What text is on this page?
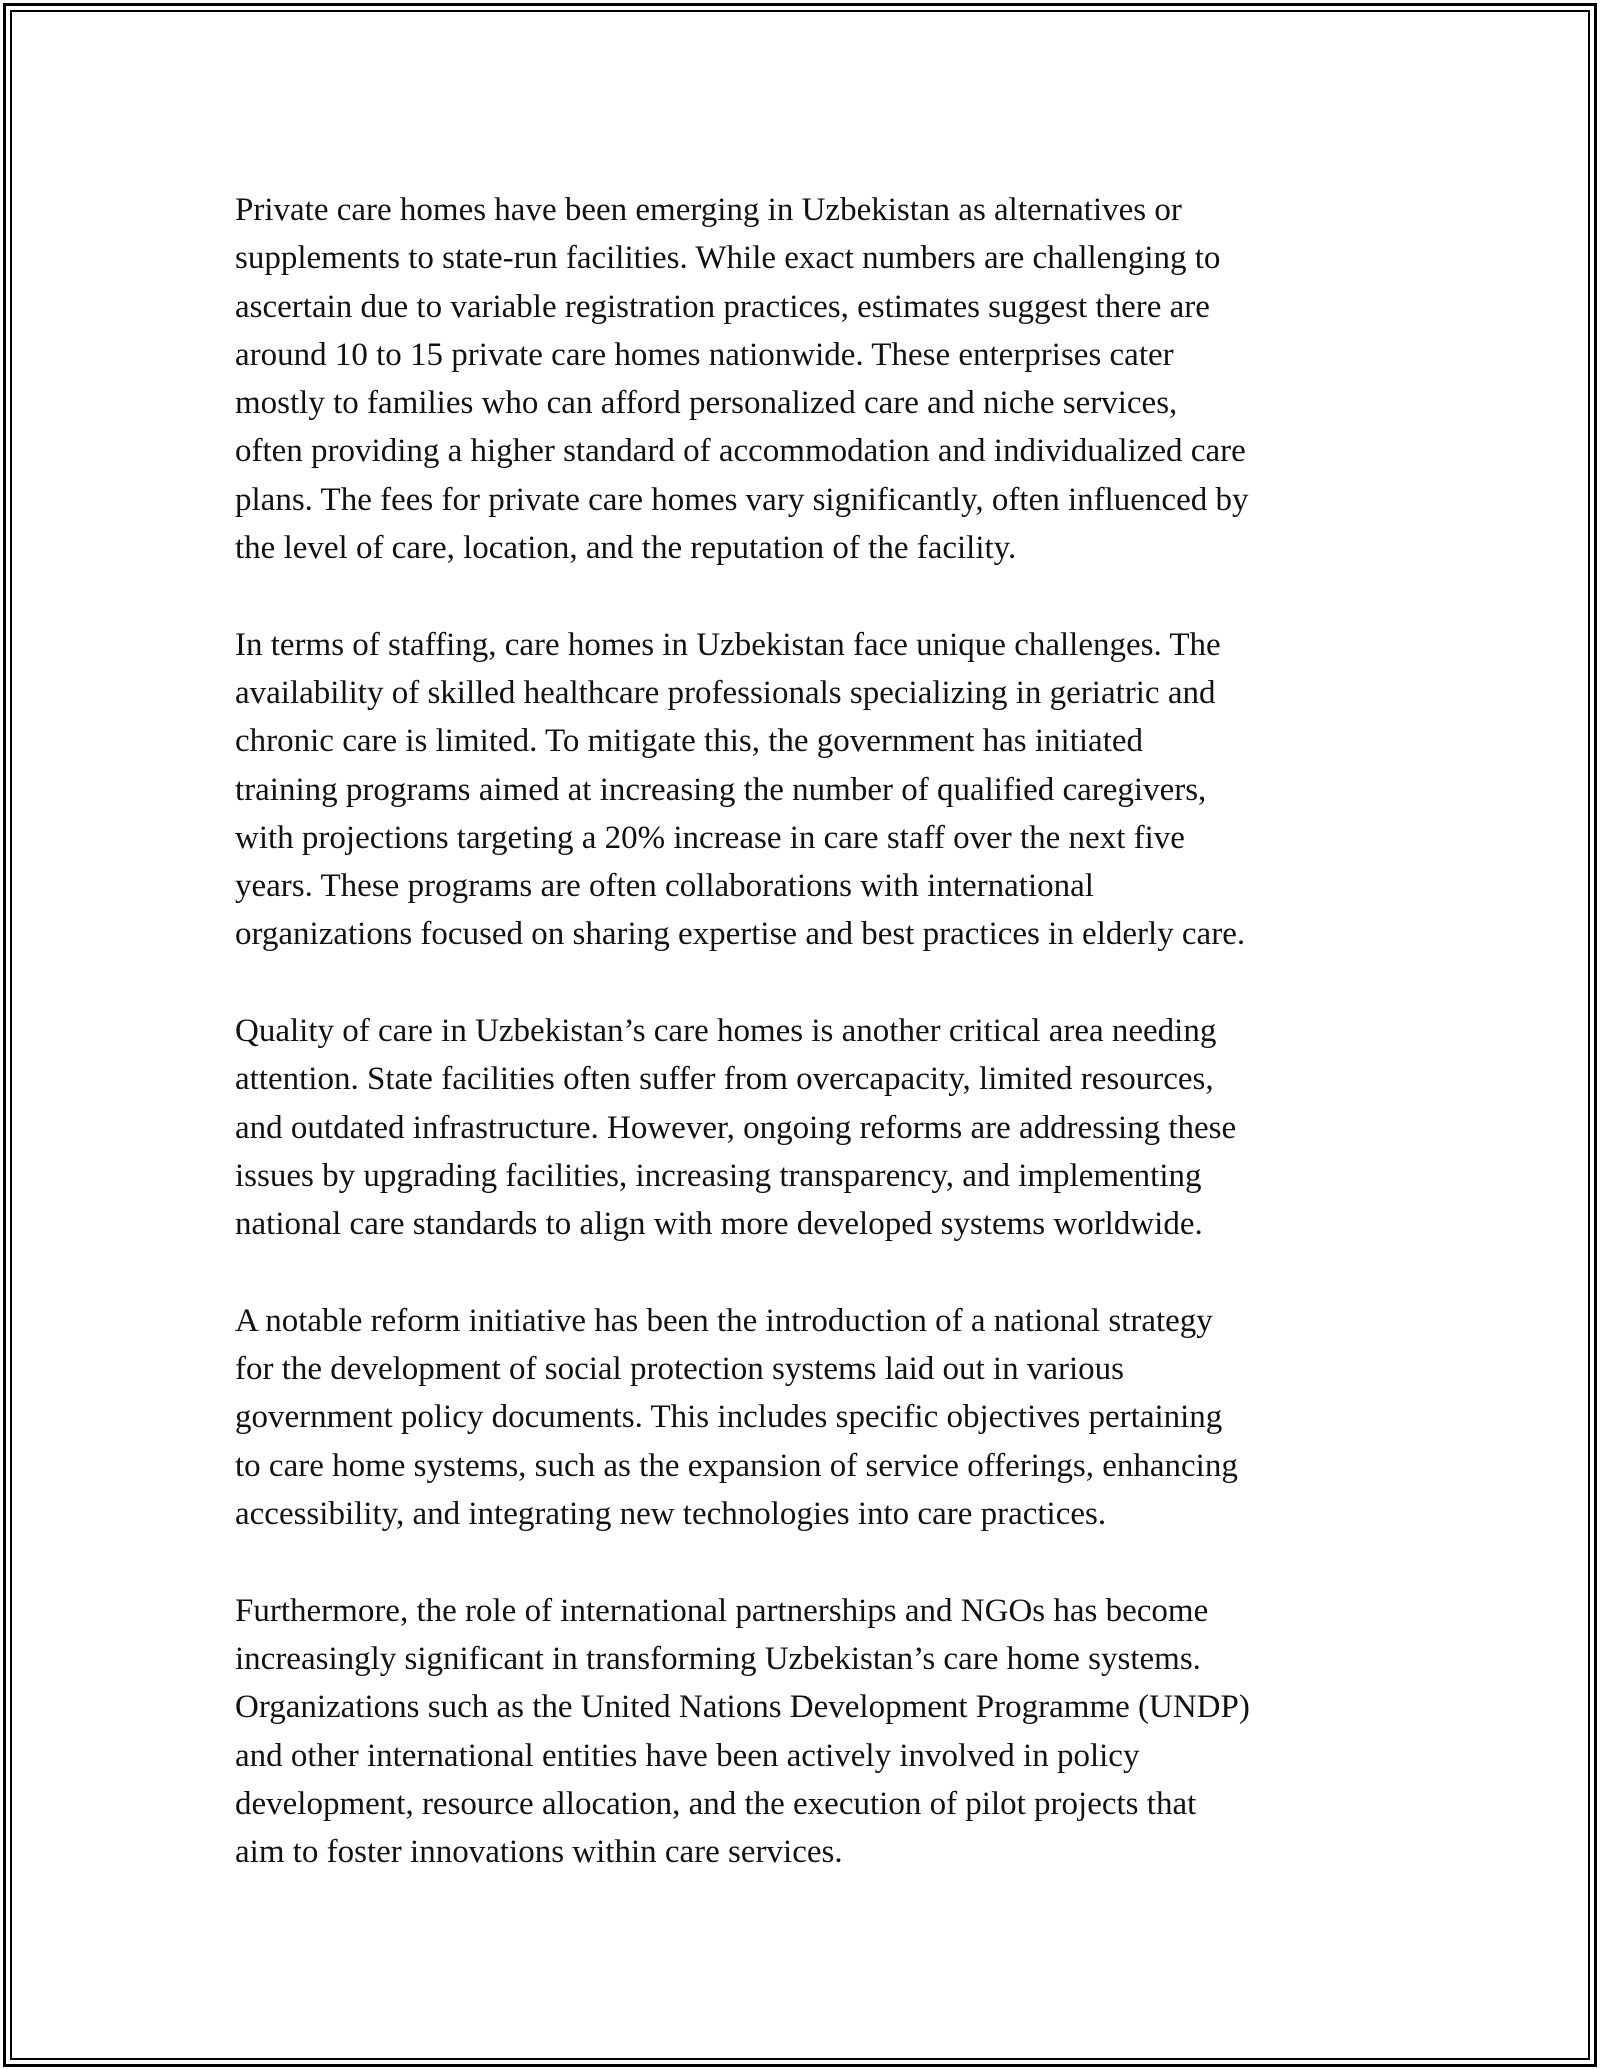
Private care homes have been emerging in Uzbekistan as alternatives or
supplements to state-run facilities. While exact numbers are challenging to
ascertain due to variable registration practices, estimates suggest there are
around 10 to 15 private care homes nationwide. These enterprises cater
mostly to families who can afford personalized care and niche services,
often providing a higher standard of accommodation and individualized care
plans. The fees for private care homes vary significantly, often influenced by
the level of care, location, and the reputation of the facility.

In terms of staffing, care homes in Uzbekistan face unique challenges. The
availability of skilled healthcare professionals specializing in geriatric and
chronic care is limited. To mitigate this, the government has initiated
training programs aimed at increasing the number of qualified caregivers,
with projections targeting a 20% increase in care staff over the next five
years. These programs are often collaborations with international
organizations focused on sharing expertise and best practices in elderly care.

Quality of care in Uzbekistan’s care homes is another critical area needing
attention. State facilities often suffer from overcapacity, limited resources,
and outdated infrastructure. However, ongoing reforms are addressing these
issues by upgrading facilities, increasing transparency, and implementing
national care standards to align with more developed systems worldwide.

A notable reform initiative has been the introduction of a national strategy
for the development of social protection systems laid out in various
government policy documents. This includes specific objectives pertaining
to care home systems, such as the expansion of service offerings, enhancing
accessibility, and integrating new technologies into care practices.

Furthermore, the role of international partnerships and NGOs has become
increasingly significant in transforming Uzbekistan’s care home systems.
Organizations such as the United Nations Development Programme (UNDP)
and other international entities have been actively involved in policy
development, resource allocation, and the execution of pilot projects that
aim to foster innovations within care services.
